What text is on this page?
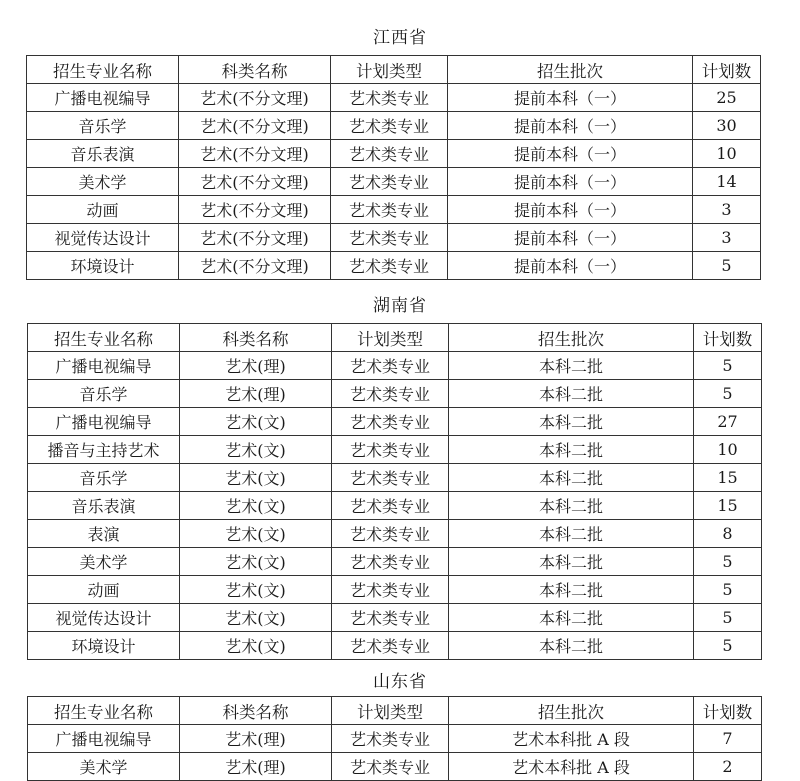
江西省
招生专业名称	科类名称	计划类型	招生批次	计划数
广播电视编导	艺术(不分文理)	艺术类专业	提前本科（一）	25
音乐学	艺术(不分文理)	艺术类专业	提前本科（一）	30
音乐表演	艺术(不分文理)	艺术类专业	提前本科（一）	10
美术学	艺术(不分文理)	艺术类专业	提前本科（一）	14
动画	艺术(不分文理)	艺术类专业	提前本科（一）	3
视觉传达设计	艺术(不分文理)	艺术类专业	提前本科（一）	3
环境设计	艺术(不分文理)	艺术类专业	提前本科（一）	5
湖南省
招生专业名称	科类名称	计划类型	招生批次	计划数
广播电视编导	艺术(理)	艺术类专业	本科二批	5
音乐学	艺术(理)	艺术类专业	本科二批	5
广播电视编导	艺术(文)	艺术类专业	本科二批	27
播音与主持艺术	艺术(文)	艺术类专业	本科二批	10
音乐学	艺术(文)	艺术类专业	本科二批	15
音乐表演	艺术(文)	艺术类专业	本科二批	15
表演	艺术(文)	艺术类专业	本科二批	8
美术学	艺术(文)	艺术类专业	本科二批	5
动画	艺术(文)	艺术类专业	本科二批	5
视觉传达设计	艺术(文)	艺术类专业	本科二批	5
环境设计	艺术(文)	艺术类专业	本科二批	5
山东省
招生专业名称	科类名称	计划类型	招生批次	计划数
广播电视编导	艺术(理)	艺术类专业	艺术本科批 A 段	7
美术学	艺术(理)	艺术类专业	艺术本科批 A 段	2
